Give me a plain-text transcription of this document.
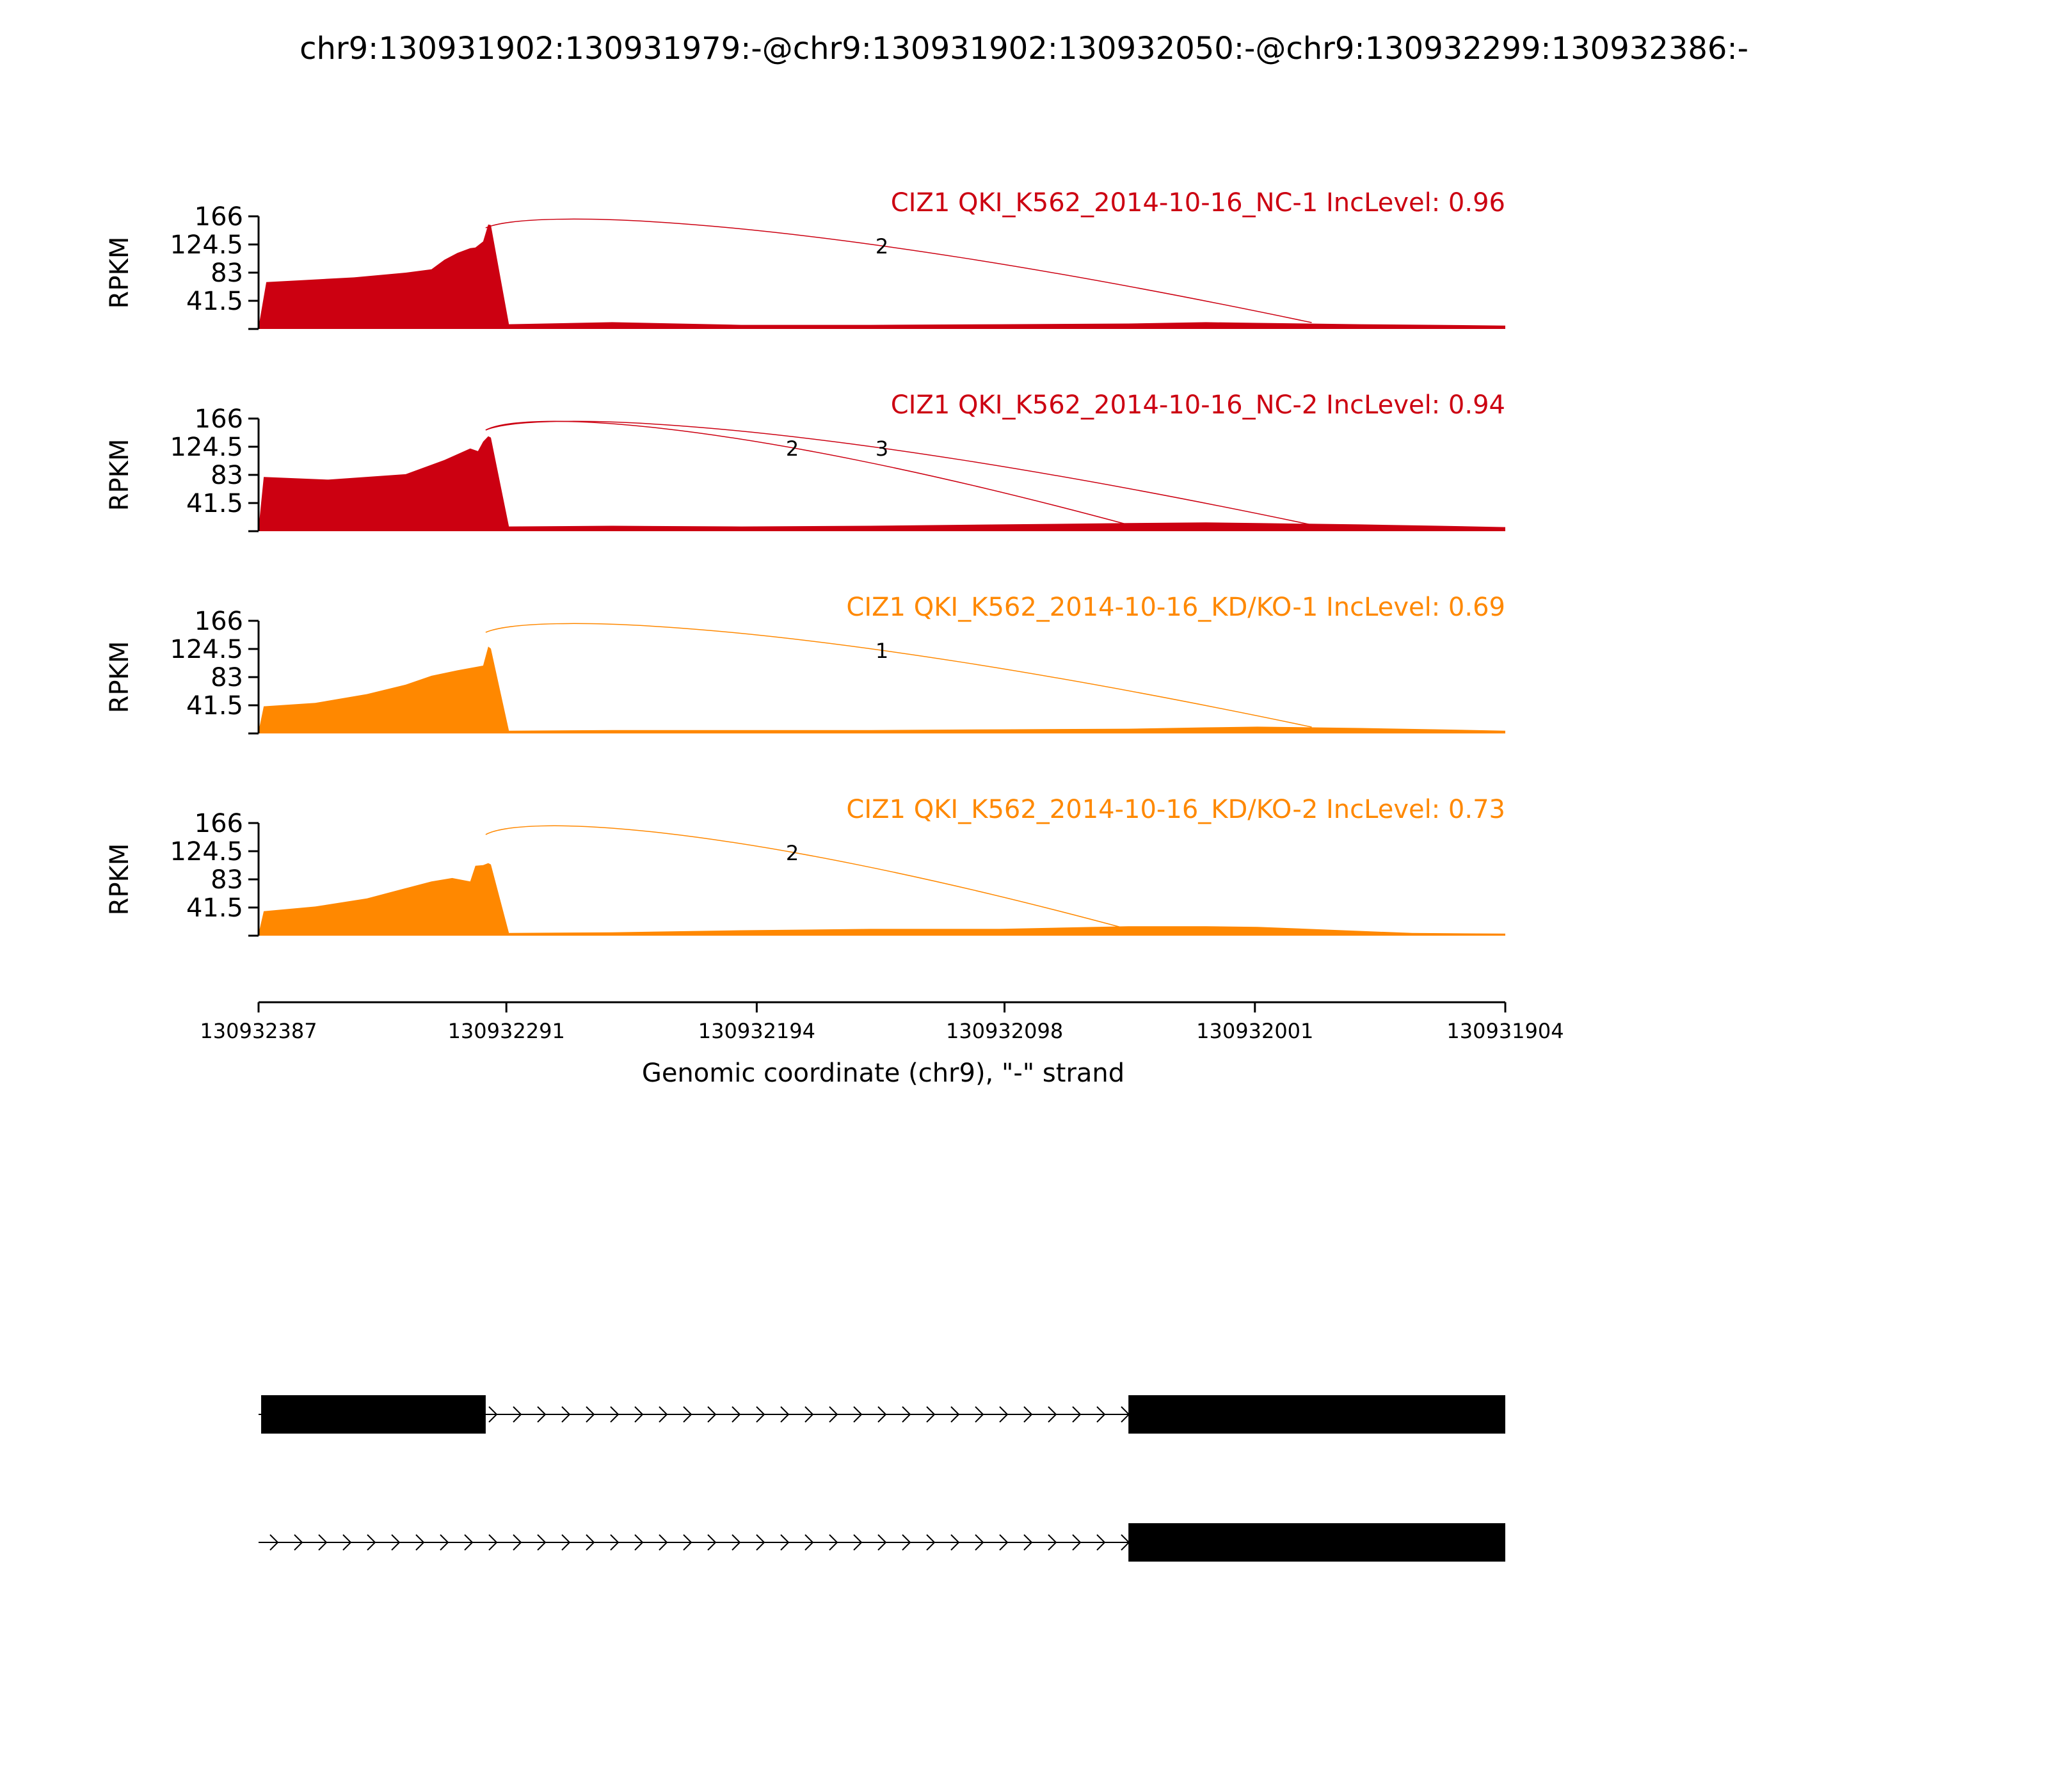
chr9:130931902:130931979:-@chr9:130931902:130932050:-@chr9:130932299:130932386:-
166
124.5
83
41.5
RPKM
CIZ1 QKI_K562_2014-10-16_NC-1 IncLevel: 0.96
2
166
124.5
83
41.5
RPKM
CIZ1 QKI_K562_2014-10-16_NC-2 IncLevel: 0.94
2	3
166
124.5
83
41.5
RPKM
CIZ1 QKI_K562_2014-10-16_KD/KO-1 IncLevel: 0.69
1
166
124.5
83
41.5
RPKM
CIZ1 QKI_K562_2014-10-16_KD/KO-2 IncLevel: 0.73
2
130932387	130932291	130932194	130932098	130932001	130931904
Genomic coordinate (chr9), "-" strand
